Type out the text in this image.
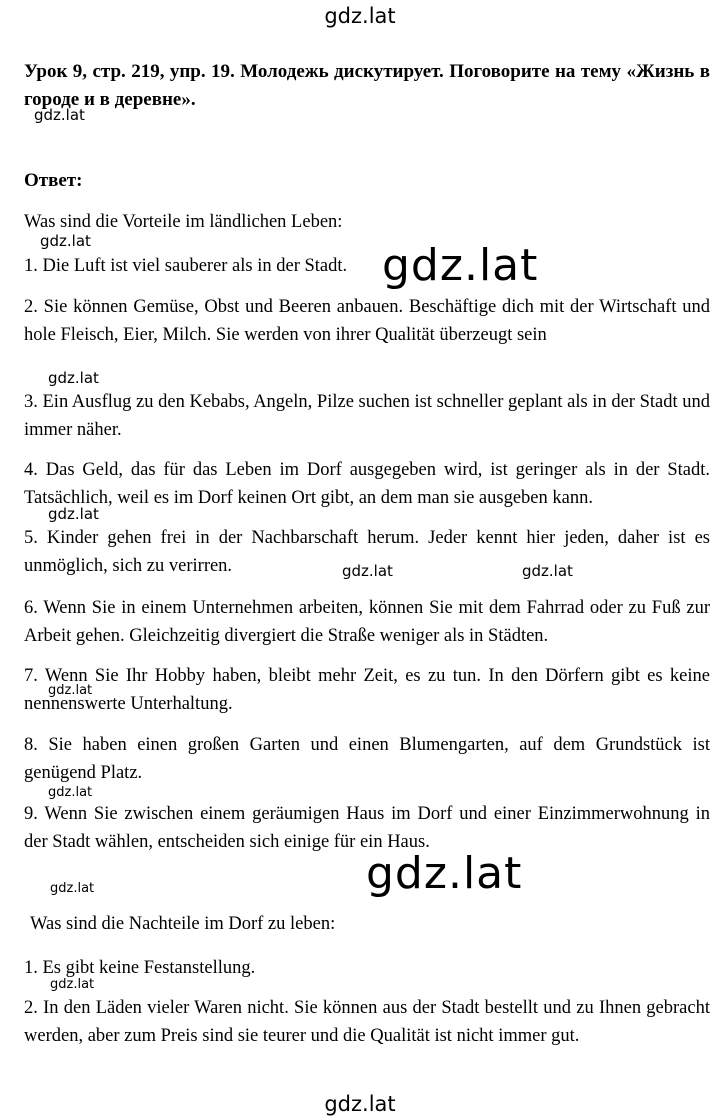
gdz.lat
Урок 9, стр. 219, упр. 19. Молодежь дискутирует. Поговорите на тему «Жизнь в городе и в деревне».
gdz.lat
Ответ:
Was sind die Vorteile im ländlichen Leben:
gdz.lat
1. Die Luft ist viel sauberer als in der Stadt. gdz.lat
2. Sie können Gemüse, Obst und Beeren anbauen. Beschäftige dich mit der Wirtschaft und hole Fleisch, Eier, Milch. Sie werden von ihrer Qualität überzeugt sein
gdz.lat
3. Ein Ausflug zu den Kebabs, Angeln, Pilze suchen ist schneller geplant als in der Stadt und immer näher.
4. Das Geld, das für das Leben im Dorf ausgegeben wird, ist geringer als in der Stadt. Tatsächlich, weil es im Dorf keinen Ort gibt, an dem man sie ausgeben kann.
gdz.lat
5. Kinder gehen frei in der Nachbarschaft herum. Jeder kennt hier jeden, daher ist es unmöglich, sich zu verirren.	gdz.lat	gdz.lat
6. Wenn Sie in einem Unternehmen arbeiten, können Sie mit dem Fahrrad oder zu Fuß zur Arbeit gehen. Gleichzeitig divergiert die Straße weniger als in Städten.
7. Wenn Sie Ihr Hobby haben, bleibt mehr Zeit, es zu tun. In den Dörfern gibt es keine nennenswerte Unterhaltung.
gdz.lat
8. Sie haben einen großen Garten und einen Blumengarten, auf dem Grundstück ist genügend Platz.
gdz.lat
9. Wenn Sie zwischen einem geräumigen Haus im Dorf und einer Einzimmerwohnung in der Stadt wählen, entscheiden sich einige für ein Haus.
gdz.lat
gdz.lat
Was sind die Nachteile im Dorf zu leben:
1. Es gibt keine Festanstellung.
gdz.lat
2. In den Läden vieler Waren nicht. Sie können aus der Stadt bestellt und zu Ihnen gebracht werden, aber zum Preis sind sie teurer und die Qualität ist nicht immer gut.
gdz.lat
